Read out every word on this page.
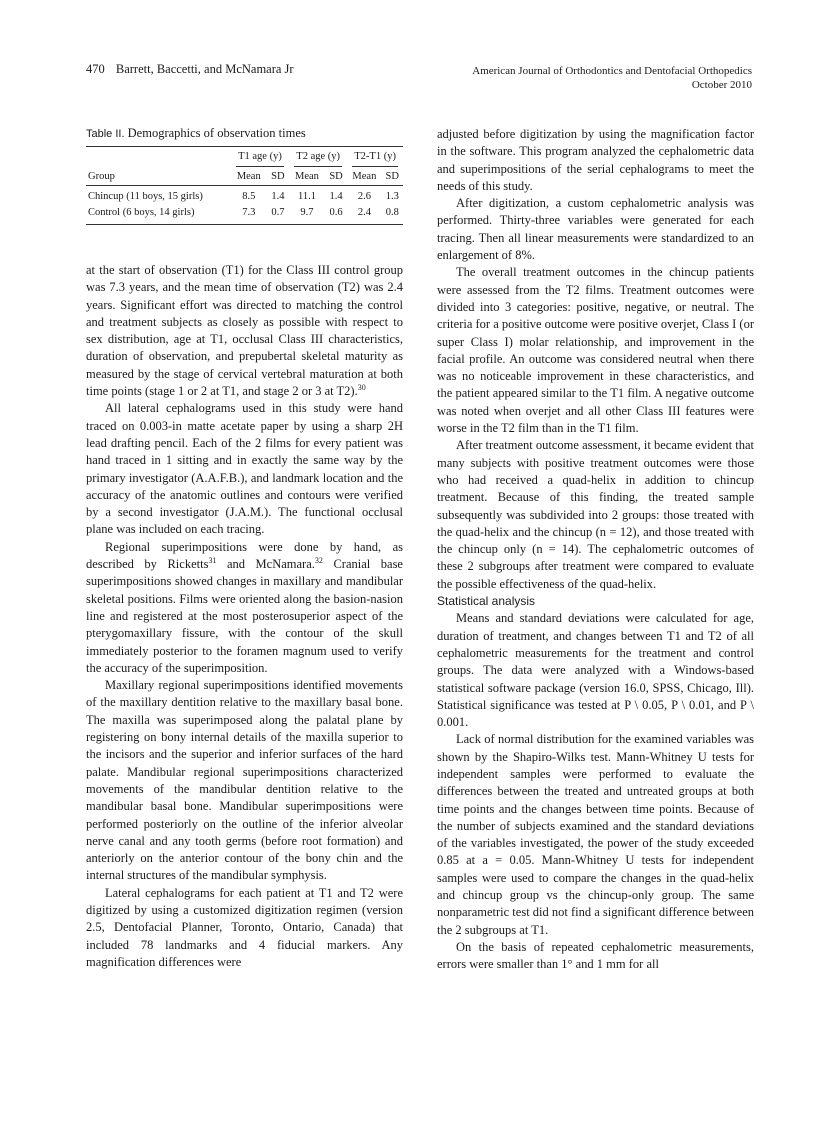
470 Barrett, Baccetti, and McNamara Jr	American Journal of Orthodontics and Dentofacial Orthopedics
October 2010
Table II. Demographics of observation times
	T1 age (y)		T2 age (y)		T2-T1 (y)	

Group	Mean	SD	Mean	SD	Mean	SD
Chincup (11 boys, 15 girls)	8.5	1.4	11.1	1.4	2.6	1.3
Control (6 boys, 14 girls)	7.3	0.7	9.7	0.6	2.4	0.8

at the start of observation (T1) for the Class III control group was 7.3 years, and the mean time of observation (T2) was 2.4 years. Significant effort was directed to matching the control and treatment subjects as closely as possible with respect to sex distribution, age at T1, occlusal Class III characteristics, duration of observation, and prepubertal skeletal maturity as measured by the stage of cervical vertebral maturation at both time points (stage 1 or 2 at T1, and stage 2 or 3 at T2).$^{30}$

All lateral cephalograms used in this study were hand traced on 0.003-in matte acetate paper by using a sharp 2H lead drafting pencil. Each of the 2 films for every patient was hand traced in 1 sitting and in exactly the same way by the primary investigator (A.A.F.B.), and landmark location and the accuracy of the anatomic outlines and contours were verified by a second investigator (J.A.M.). The functional occlusal plane was included on each tracing.

Regional superimpositions were done by hand, as described by Ricketts$^{31}$ and McNamara.$^{32}$ Cranial base superimpositions showed changes in maxillary and mandibular skeletal positions. Films were oriented along the basion-nasion line and registered at the most posterosuperior aspect of the pterygomaxillary fissure, with the contour of the skull immediately posterior to the foramen magnum used to verify the accuracy of the superimposition.

Maxillary regional superimpositions identified movements of the maxillary dentition relative to the maxillary basal bone. The maxilla was superimposed along the palatal plane by registering on bony internal details of the maxilla superior to the incisors and the superior and inferior surfaces of the hard palate. Mandibular regional superimpositions characterized movements of the mandibular dentition relative to the mandibular basal bone. Mandibular superimpositions were performed posteriorly on the outline of the inferior alveolar nerve canal and any tooth germs (before root formation) and anteriorly on the anterior contour of the bony chin and the internal structures of the mandibular symphysis.

Lateral cephalograms for each patient at T1 and T2 were digitized by using a customized digitization regimen (version 2.5, Dentofacial Planner, Toronto, Ontario, Canada) that included 78 landmarks and 4 fiducial markers. Any magnification differences were

adjusted before digitization by using the magnification factor in the software. This program analyzed the cephalometric data and superimpositions of the serial cephalograms to meet the needs of this study.

After digitization, a custom cephalometric analysis was performed. Thirty-three variables were generated for each tracing. Then all linear measurements were standardized to an enlargement of 8%.

The overall treatment outcomes in the chincup patients were assessed from the T2 films. Treatment outcomes were divided into 3 categories: positive, negative, or neutral. The criteria for a positive outcome were positive overjet, Class I (or super Class I) molar relationship, and improvement in the facial profile. An outcome was considered neutral when there was no noticeable improvement in these characteristics, and the patient appeared similar to the T1 film. A negative outcome was noted when overjet and all other Class III features were worse in the T2 film than in the T1 film.

After treatment outcome assessment, it became evident that many subjects with positive treatment outcomes were those who had received a quad-helix in addition to chincup treatment. Because of this finding, the treated sample subsequently was subdivided into 2 groups: those treated with the quad-helix and the chincup (n = 12), and those treated with the chincup only (n = 14). The cephalometric outcomes of these 2 subgroups after treatment were compared to evaluate the possible effectiveness of the quad-helix.

Statistical analysis

Means and standard deviations were calculated for age, duration of treatment, and changes between T1 and T2 of all cephalometric measurements for the treatment and control groups. The data were analyzed with a Windows-based statistical software package (version 16.0, SPSS, Chicago, Ill). Statistical significance was tested at P \ 0.05, P \ 0.01, and P \ 0.001.

Lack of normal distribution for the examined variables was shown by the Shapiro-Wilks test. Mann-Whitney U tests for independent samples were performed to evaluate the differences between the treated and untreated groups at both time points and the changes between time points. Because of the number of subjects examined and the standard deviations of the variables investigated, the power of the study exceeded 0.85 at a = 0.05. Mann-Whitney U tests for independent samples were used to compare the changes in the quad-helix and chincup group vs the chincup-only group. The same nonparametric test did not find a significant difference between the 2 subgroups at T1.

On the basis of repeated cephalometric measurements, errors were smaller than 1° and 1 mm for all
